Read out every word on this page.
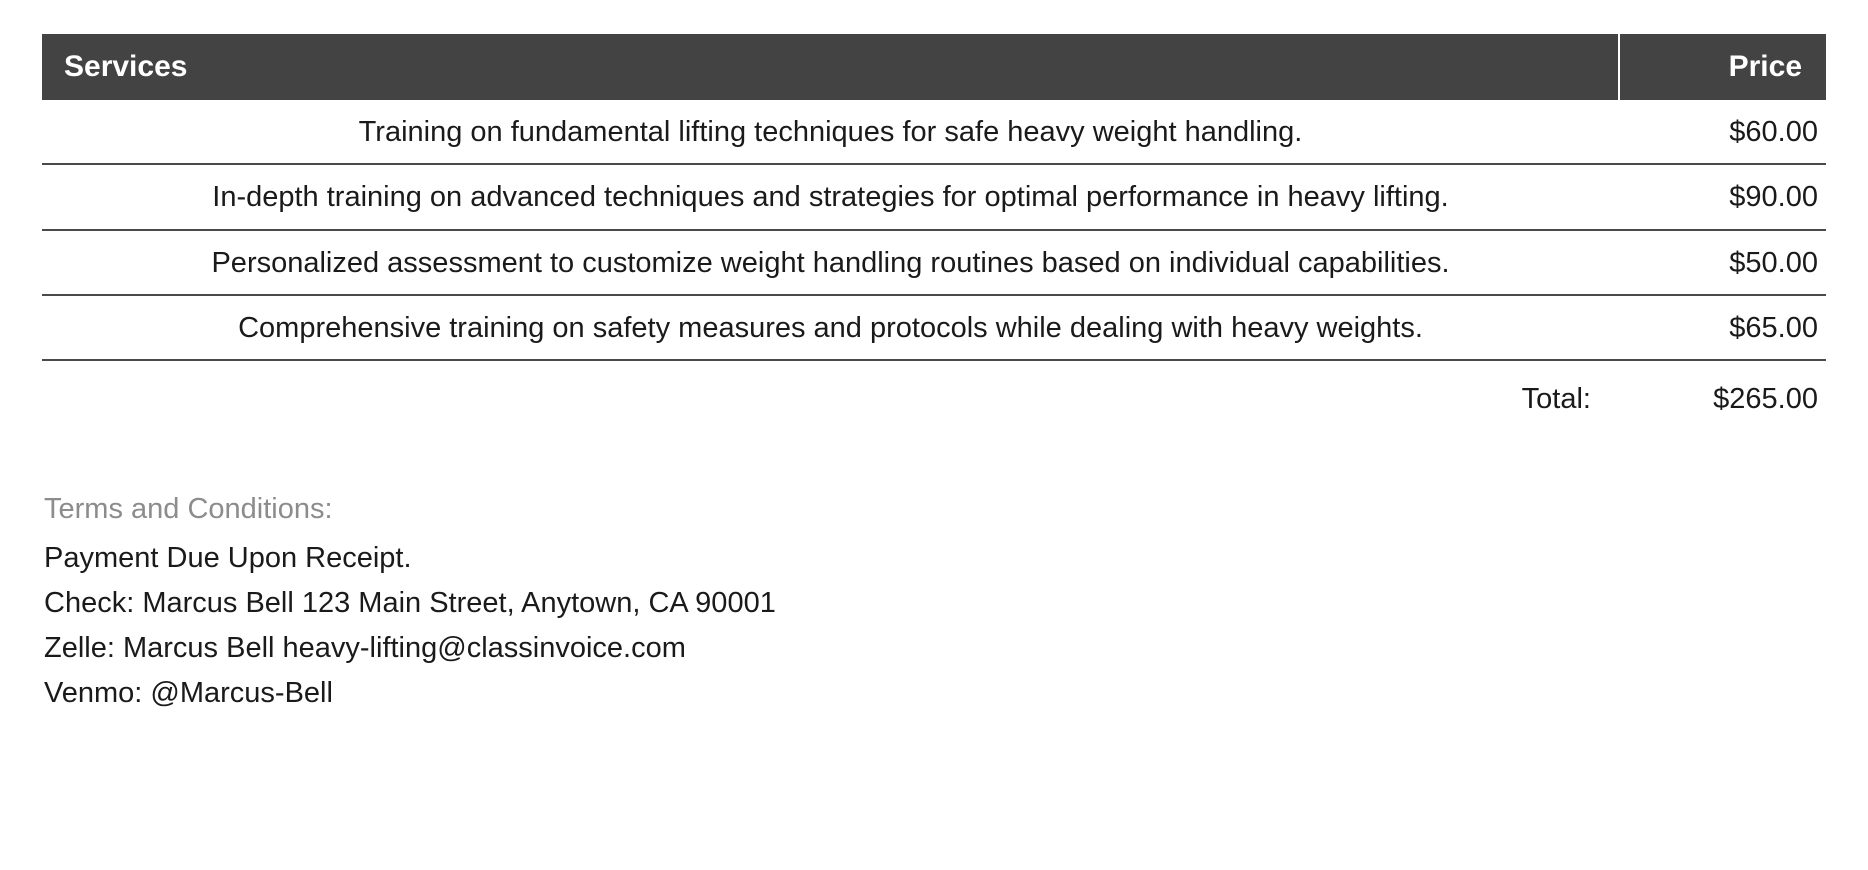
Services	Price
Training on fundamental lifting techniques for safe heavy weight handling.	$60.00
In-depth training on advanced techniques and strategies for optimal performance in heavy lifting.	$90.00
Personalized assessment to customize weight handling routines based on individual capabilities.	$50.00
Comprehensive training on safety measures and protocols while dealing with heavy weights.	$65.00
Total:	$265.00
Terms and Conditions:
Payment Due Upon Receipt.
Check: Marcus Bell 123 Main Street, Anytown, CA 90001
Zelle: Marcus Bell heavy-lifting@classinvoice.com
Venmo: @Marcus-Bell
